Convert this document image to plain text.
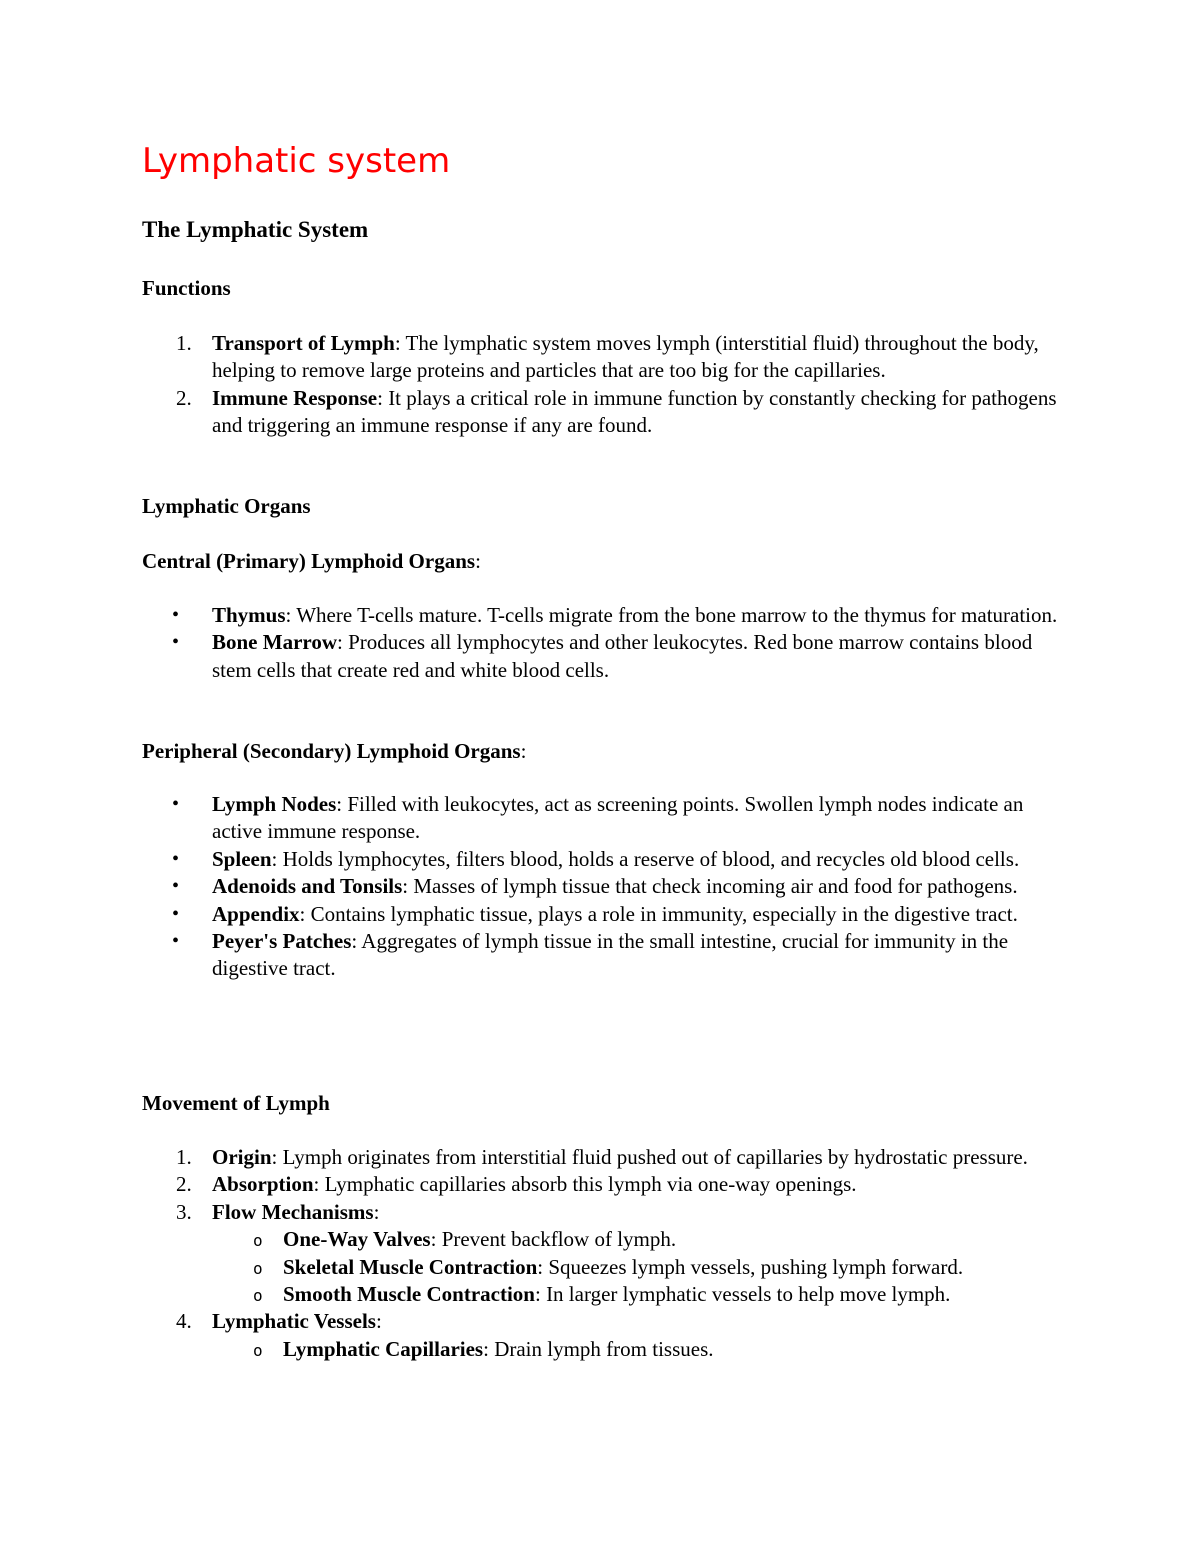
Lymphatic system
The Lymphatic System
Functions
1. Transport of Lymph: The lymphatic system moves lymph (interstitial fluid) throughout the body, helping to remove large proteins and particles that are too big for the capillaries.
2. Immune Response: It plays a critical role in immune function by constantly checking for pathogens and triggering an immune response if any are found.
Lymphatic Organs
Central (Primary) Lymphoid Organs:
• Thymus: Where T-cells mature. T-cells migrate from the bone marrow to the thymus for maturation.
• Bone Marrow: Produces all lymphocytes and other leukocytes. Red bone marrow contains blood stem cells that create red and white blood cells.
Peripheral (Secondary) Lymphoid Organs:
• Lymph Nodes: Filled with leukocytes, act as screening points. Swollen lymph nodes indicate an active immune response.
• Spleen: Holds lymphocytes, filters blood, holds a reserve of blood, and recycles old blood cells.
• Adenoids and Tonsils: Masses of lymph tissue that check incoming air and food for pathogens.
• Appendix: Contains lymphatic tissue, plays a role in immunity, especially in the digestive tract.
• Peyer's Patches: Aggregates of lymph tissue in the small intestine, crucial for immunity in the digestive tract.
Movement of Lymph
1. Origin: Lymph originates from interstitial fluid pushed out of capillaries by hydrostatic pressure.
2. Absorption: Lymphatic capillaries absorb this lymph via one-way openings.
3. Flow Mechanisms:
o One-Way Valves: Prevent backflow of lymph.
o Skeletal Muscle Contraction: Squeezes lymph vessels, pushing lymph forward.
o Smooth Muscle Contraction: In larger lymphatic vessels to help move lymph.
4. Lymphatic Vessels:
o Lymphatic Capillaries: Drain lymph from tissues.
